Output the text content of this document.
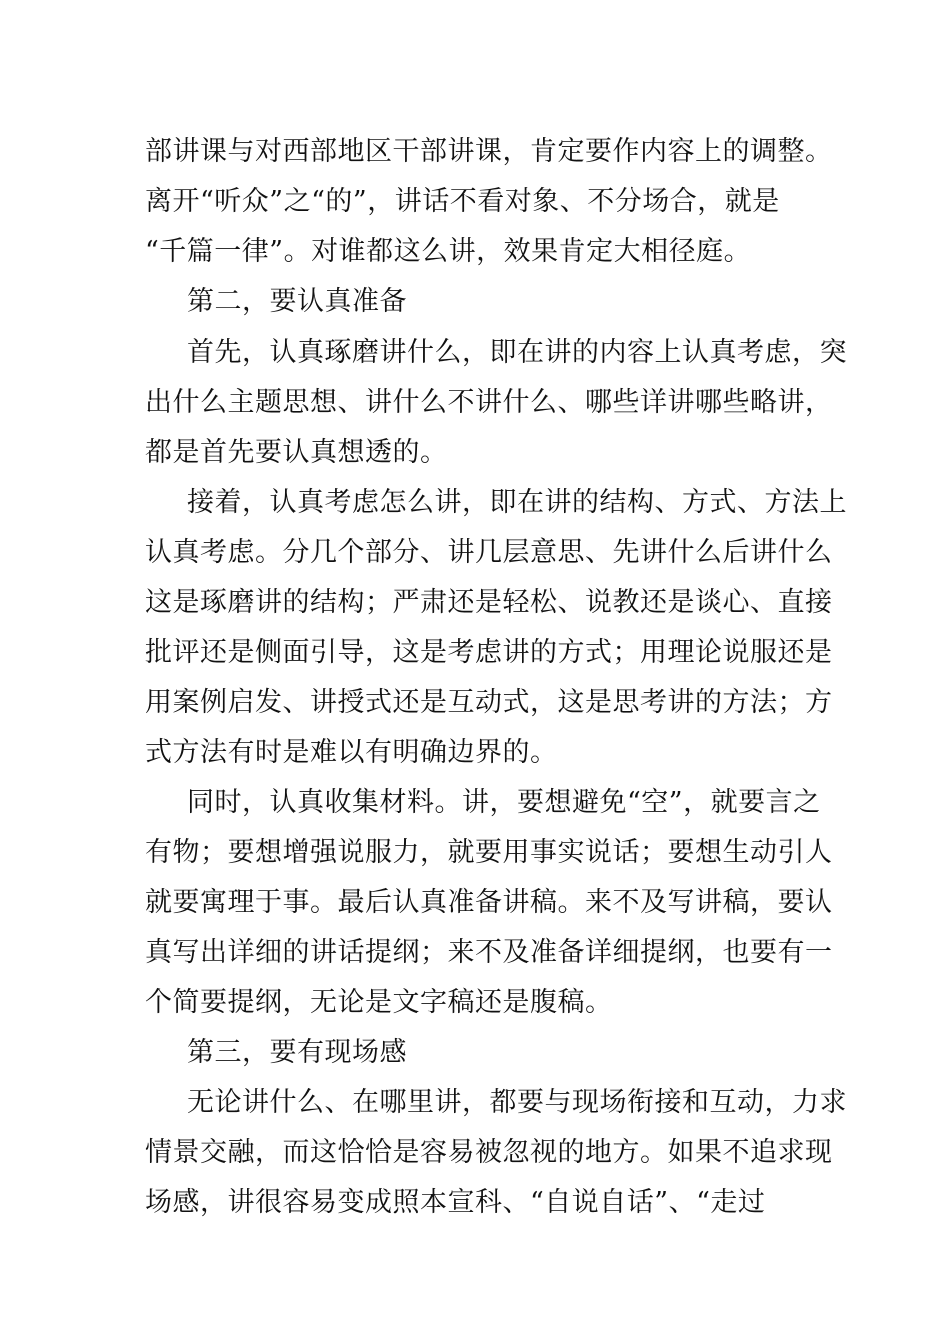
部讲课与对西部地区干部讲课，肯定要作内容上的调整。
离开“听众”之“的”，讲话不看对象、不分场合，就是
“千篇一律”。对谁都这么讲，效果肯定大相径庭。
第二，要认真准备
首先，认真琢磨讲什么，即在讲的内容上认真考虑，突
出什么主题思想、讲什么不讲什么、哪些详讲哪些略讲，
都是首先要认真想透的。
接着，认真考虑怎么讲，即在讲的结构、方式、方法上
认真考虑。分几个部分、讲几层意思、先讲什么后讲什么
这是琢磨讲的结构；严肃还是轻松、说教还是谈心、直接
批评还是侧面引导，这是考虑讲的方式；用理论说服还是
用案例启发、讲授式还是互动式，这是思考讲的方法；方
式方法有时是难以有明确边界的。
同时，认真收集材料。讲，要想避免“空”，就要言之
有物；要想增强说服力，就要用事实说话；要想生动引人
就要寓理于事。最后认真准备讲稿。来不及写讲稿，要认
真写出详细的讲话提纲；来不及准备详细提纲，也要有一
个简要提纲，无论是文字稿还是腹稿。
第三，要有现场感
无论讲什么、在哪里讲，都要与现场衔接和互动，力求
情景交融，而这恰恰是容易被忽视的地方。如果不追求现
场感，讲很容易变成照本宣科、“自说自话”、“走过
